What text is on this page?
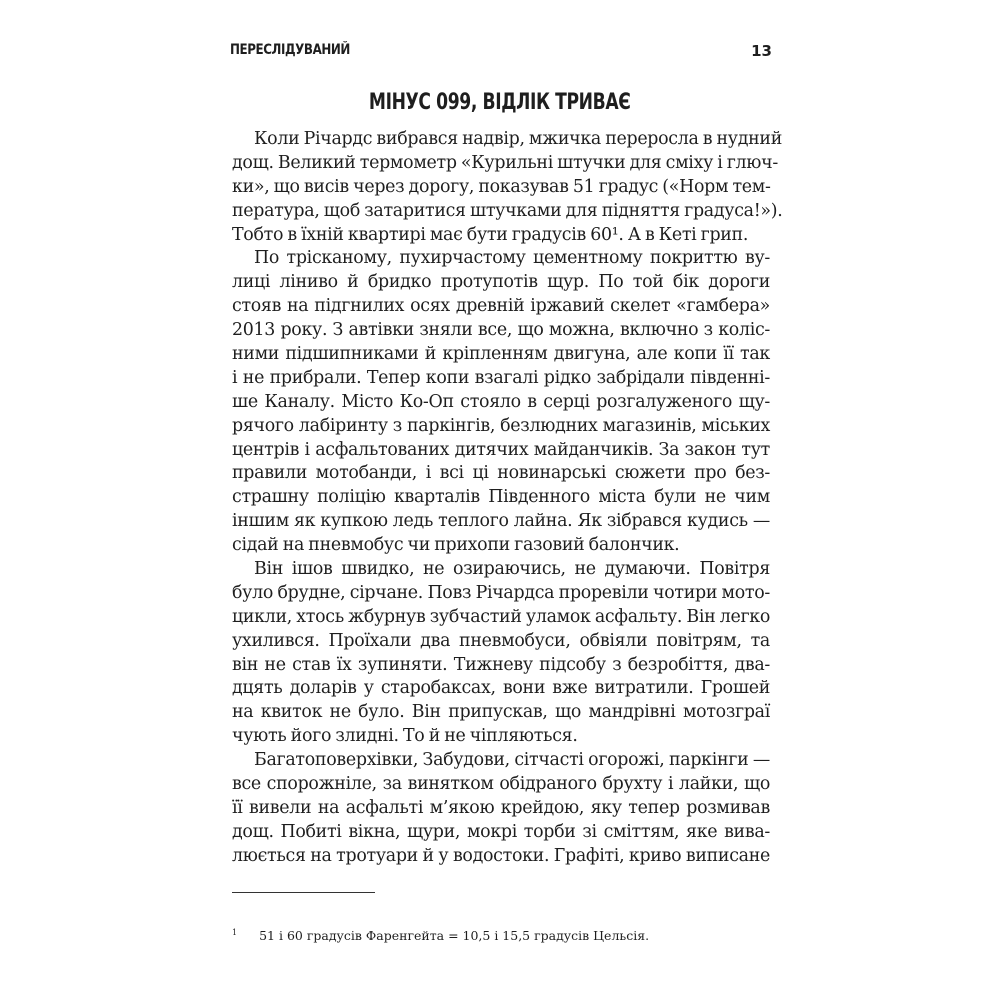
ПЕРЕСЛІДУВАНИЙ	13
МІНУС 099, ВІДЛІК ТРИВАЄ
Коли Річардс вибрався надвір, мжичка переросла в нудний
дощ. Великий термометр «Курильні штучки для сміху і глюч-
ки», що висів через дорогу, показував 51 градус («Норм тем-
пература, щоб затаритися штучками для підняття градуса!»).
Тобто в їхній квартирі має бути градусів 60¹. А в Кеті грип.
По тріскaному, пухирчастому цементному покриттю ву-
лиці ліниво й бридко протупотів щур. По той бік дороги
стояв на підгнилих осях древній іржавий скелет «гамбера»
2013 року. З автівки зняли все, що можна, включно з коліс-
ними підшипниками й кріпленням двигуна, але копи її так
і не прибрали. Тепер копи взагалі рідко забрідали південні-
ше Каналу. Місто Ко-Оп стояло в серці розгалуженого щу-
рячого лабіринту з паркінгів, безлюдних магазинів, міських
центрів і асфальтованих дитячих майданчиків. За закон тут
правили мотобанди, і всі ці новинарські сюжети про без-
страшну поліцію кварталів Південного міста були не чим
іншим як купкою ледь теплого лайна. Як зібрався кудись —
сідай на пневмобус чи прихопи газовий балончик.
Він ішов швидко, не озираючись, не думаючи. Повітря
було брудне, сірчане. Повз Річардса проревіли чотири мото-
цикли, хтось жбурнув зубчастий уламок асфальту. Він легко
ухилився. Проїхали два пневмобуси, обвіяли повітрям, та
він не став їх зупиняти. Тижневу підсобу з безробіття, два-
дцять доларів у старобаксах, вони вже витратили. Грошей
на квиток не було. Він припускав, що мандрівні мотозграї
чують його злидні. То й не чіпляються.
Багатоповерхівки, Забудови, сітчасті огорожі, паркінги —
все спорожніле, за винятком обідраного брухту і лайки, що
її вивели на асфальті м’якою крейдою, яку тепер розмивав
дощ. Побиті вікна, щури, мокрі торби зі сміттям, яке вива-
люється на тротуари й у водостоки. Графіті, криво виписане
$^1$ 51 і 60 градусів Фаренгейта = 10,5 і 15,5 градусів Цельсія.
